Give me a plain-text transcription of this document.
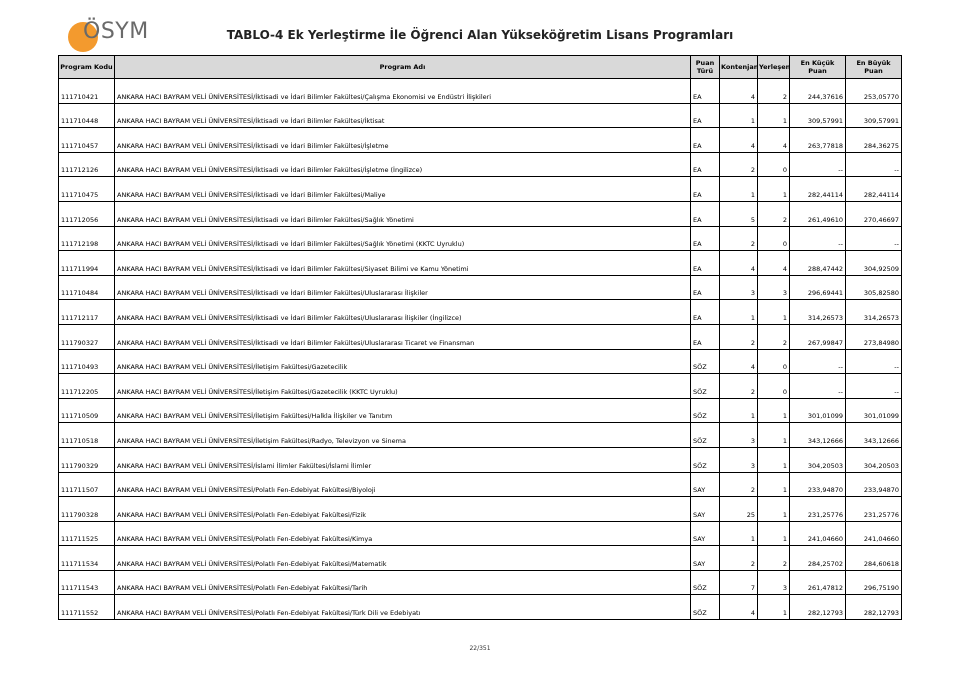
ÖSYM	TABLO-4 Ek Yerleştirme İle Öğrenci Alan Yükseköğretim Lisans Programları
Program Kodu	Program Adı	Puan Türü	Kontenjan	Yerleşen	En Küçük Puan	En Büyük Puan
111710421	ANKARA HACI BAYRAM VELİ ÜNİVERSİTESİ/İktisadi ve İdari Bilimler Fakültesi/Çalışma Ekonomisi ve Endüstri İlişkileri	EA	4	2	244,37616	253,05770
111710448	ANKARA HACI BAYRAM VELİ ÜNİVERSİTESİ/İktisadi ve İdari Bilimler Fakültesi/İktisat	EA	1	1	309,57991	309,57991
111710457	ANKARA HACI BAYRAM VELİ ÜNİVERSİTESİ/İktisadi ve İdari Bilimler Fakültesi/İşletme	EA	4	4	263,77818	284,36275
111712126	ANKARA HACI BAYRAM VELİ ÜNİVERSİTESİ/İktisadi ve İdari Bilimler Fakültesi/İşletme (İngilizce)	EA	2	0	--	--
111710475	ANKARA HACI BAYRAM VELİ ÜNİVERSİTESİ/İktisadi ve İdari Bilimler Fakültesi/Maliye	EA	1	1	282,44114	282,44114
111712056	ANKARA HACI BAYRAM VELİ ÜNİVERSİTESİ/İktisadi ve İdari Bilimler Fakültesi/Sağlık Yönetimi	EA	5	2	261,49610	270,46697
111712198	ANKARA HACI BAYRAM VELİ ÜNİVERSİTESİ/İktisadi ve İdari Bilimler Fakültesi/Sağlık Yönetimi (KKTC Uyruklu)	EA	2	0	--	--
111711994	ANKARA HACI BAYRAM VELİ ÜNİVERSİTESİ/İktisadi ve İdari Bilimler Fakültesi/Siyaset Bilimi ve Kamu Yönetimi	EA	4	4	288,47442	304,92509
111710484	ANKARA HACI BAYRAM VELİ ÜNİVERSİTESİ/İktisadi ve İdari Bilimler Fakültesi/Uluslararası İlişkiler	EA	3	3	296,69441	305,82580
111712117	ANKARA HACI BAYRAM VELİ ÜNİVERSİTESİ/İktisadi ve İdari Bilimler Fakültesi/Uluslararası İlişkiler (İngilizce)	EA	1	1	314,26573	314,26573
111790327	ANKARA HACI BAYRAM VELİ ÜNİVERSİTESİ/İktisadi ve İdari Bilimler Fakültesi/Uluslararası Ticaret ve Finansman	EA	2	2	267,99847	273,84980
111710493	ANKARA HACI BAYRAM VELİ ÜNİVERSİTESİ/İletişim Fakültesi/Gazetecilik	SÖZ	4	0	--	--
111712205	ANKARA HACI BAYRAM VELİ ÜNİVERSİTESİ/İletişim Fakültesi/Gazetecilik (KKTC Uyruklu)	SÖZ	2	0	--	--
111710509	ANKARA HACI BAYRAM VELİ ÜNİVERSİTESİ/İletişim Fakültesi/Halkla İlişkiler ve Tanıtım	SÖZ	1	1	301,01099	301,01099
111710518	ANKARA HACI BAYRAM VELİ ÜNİVERSİTESİ/İletişim Fakültesi/Radyo, Televizyon ve Sinema	SÖZ	3	1	343,12666	343,12666
111790329	ANKARA HACI BAYRAM VELİ ÜNİVERSİTESİ/İslami İlimler Fakültesi/İslami İlimler	SÖZ	3	1	304,20503	304,20503
111711507	ANKARA HACI BAYRAM VELİ ÜNİVERSİTESİ/Polatlı Fen-Edebiyat Fakültesi/Biyoloji	SAY	2	1	233,94870	233,94870
111790328	ANKARA HACI BAYRAM VELİ ÜNİVERSİTESİ/Polatlı Fen-Edebiyat Fakültesi/Fizik	SAY	25	1	231,25776	231,25776
111711525	ANKARA HACI BAYRAM VELİ ÜNİVERSİTESİ/Polatlı Fen-Edebiyat Fakültesi/Kimya	SAY	1	1	241,04660	241,04660
111711534	ANKARA HACI BAYRAM VELİ ÜNİVERSİTESİ/Polatlı Fen-Edebiyat Fakültesi/Matematik	SAY	2	2	284,25702	284,60618
111711543	ANKARA HACI BAYRAM VELİ ÜNİVERSİTESİ/Polatlı Fen-Edebiyat Fakültesi/Tarih	SÖZ	7	3	261,47812	296,75190
111711552	ANKARA HACI BAYRAM VELİ ÜNİVERSİTESİ/Polatlı Fen-Edebiyat Fakültesi/Türk Dili ve Edebiyatı	SÖZ	4	1	282,12793	282,12793
22/351
